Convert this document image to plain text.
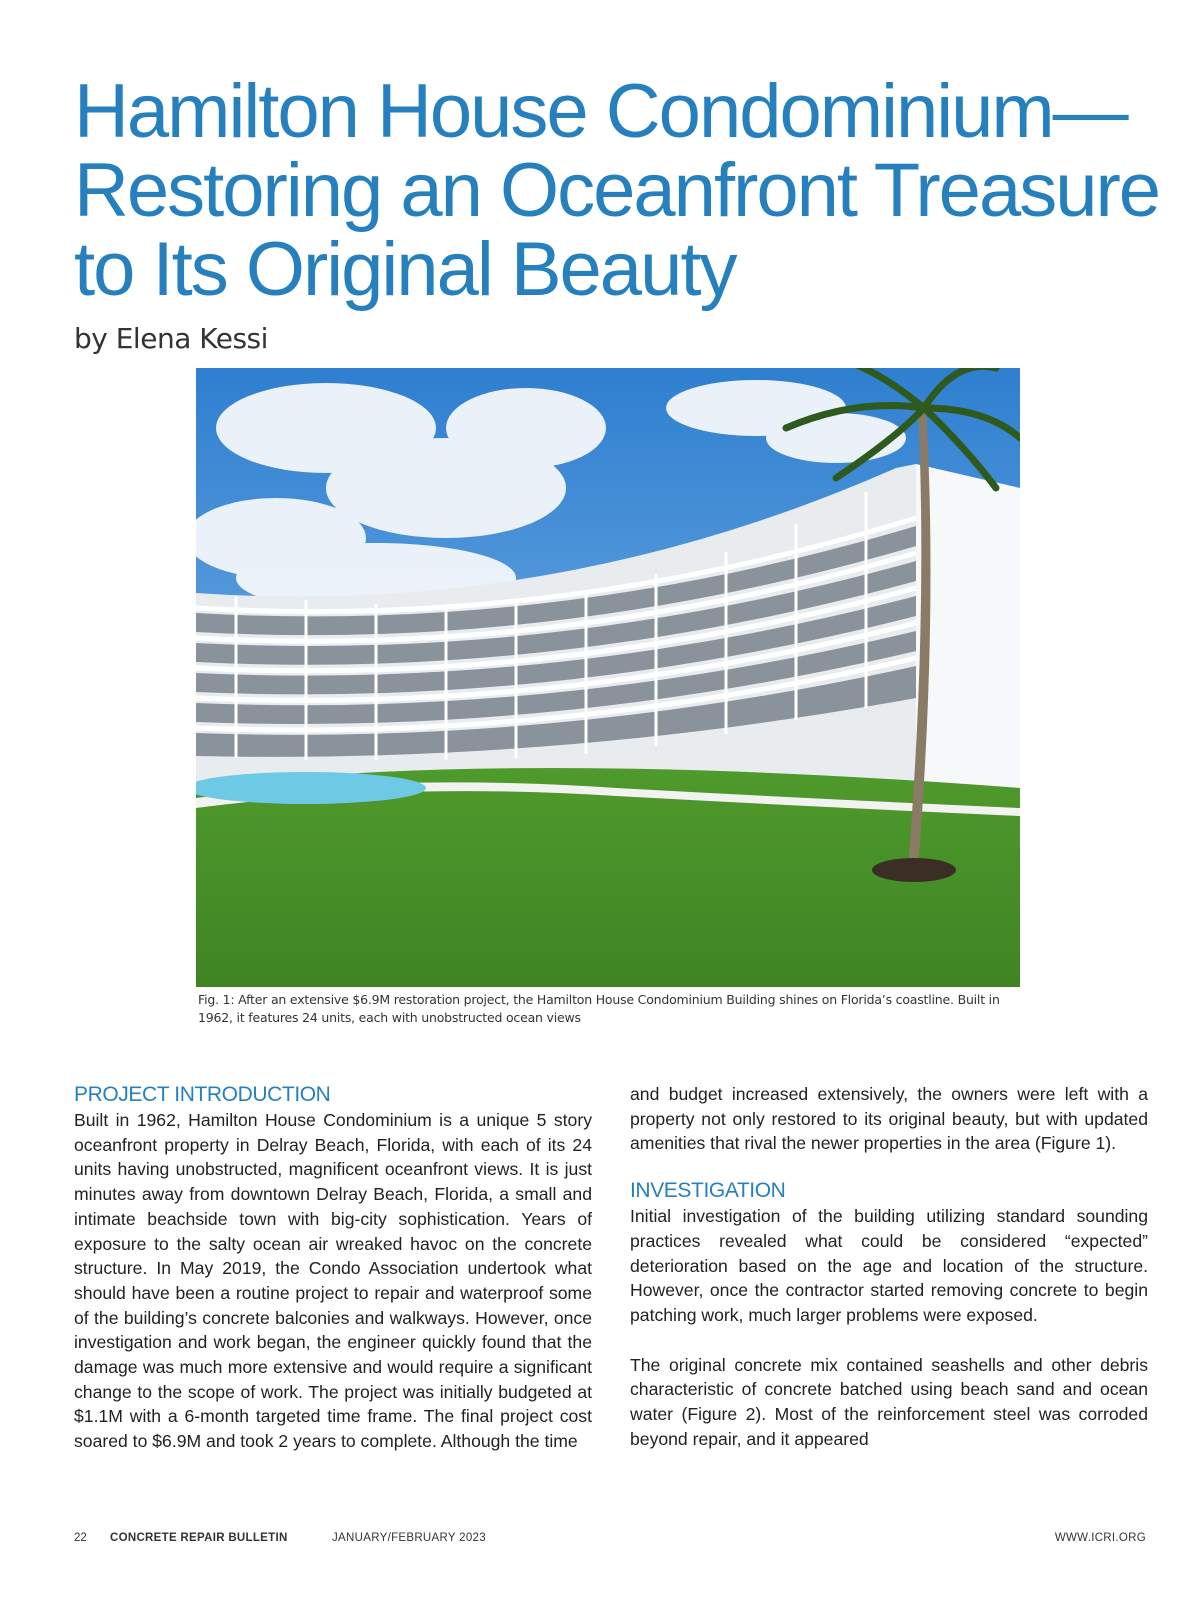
Hamilton House Condominium—
Restoring an Oceanfront Treasure
to Its Original Beauty

by Elena Kessi

Fig. 1: After an extensive $6.9M restoration project, the Hamilton House Condominium Building shines on Florida’s coastline. Built in
1962, it features 24 units, each with unobstructed ocean views

PROJECT INTRODUCTION

Built in 1962, Hamilton House Condominium is a unique 5 story oceanfront property in Delray Beach, Florida, with each of its 24 units having unobstructed, magnificent oceanfront views. It is just minutes away from downtown Delray Beach, Florida, a small and intimate beachside town with big-city sophistication. Years of exposure to the salty ocean air wreaked havoc on the concrete structure. In May 2019, the Condo Association undertook what should have been a routine project to repair and waterproof some of the building’s concrete balconies and walkways. However, once investigation and work began, the engineer quickly found that the damage was much more extensive and would require a significant change to the scope of work. The project was initially budgeted at $1.1M with a 6-month targeted time frame. The final project cost soared to $6.9M and took 2 years to complete. Although the time

and budget increased extensively, the owners were left with a property not only restored to its original beauty, but with updated amenities that rival the newer properties in the area (Figure 1).

INVESTIGATION

Initial investigation of the building utilizing standard sounding practices revealed what could be considered “expected” deterioration based on the age and location of the structure. However, once the contractor started removing concrete to begin patching work, much larger problems were exposed.

The original concrete mix contained seashells and other debris characteristic of concrete batched using beach sand and ocean water (Figure 2). Most of the reinforcement steel was corroded beyond repair, and it appeared

22 CONCRETE REPAIR BULLETIN	JANUARY/FEBRUARY 2023	WWW.ICRI.ORG
